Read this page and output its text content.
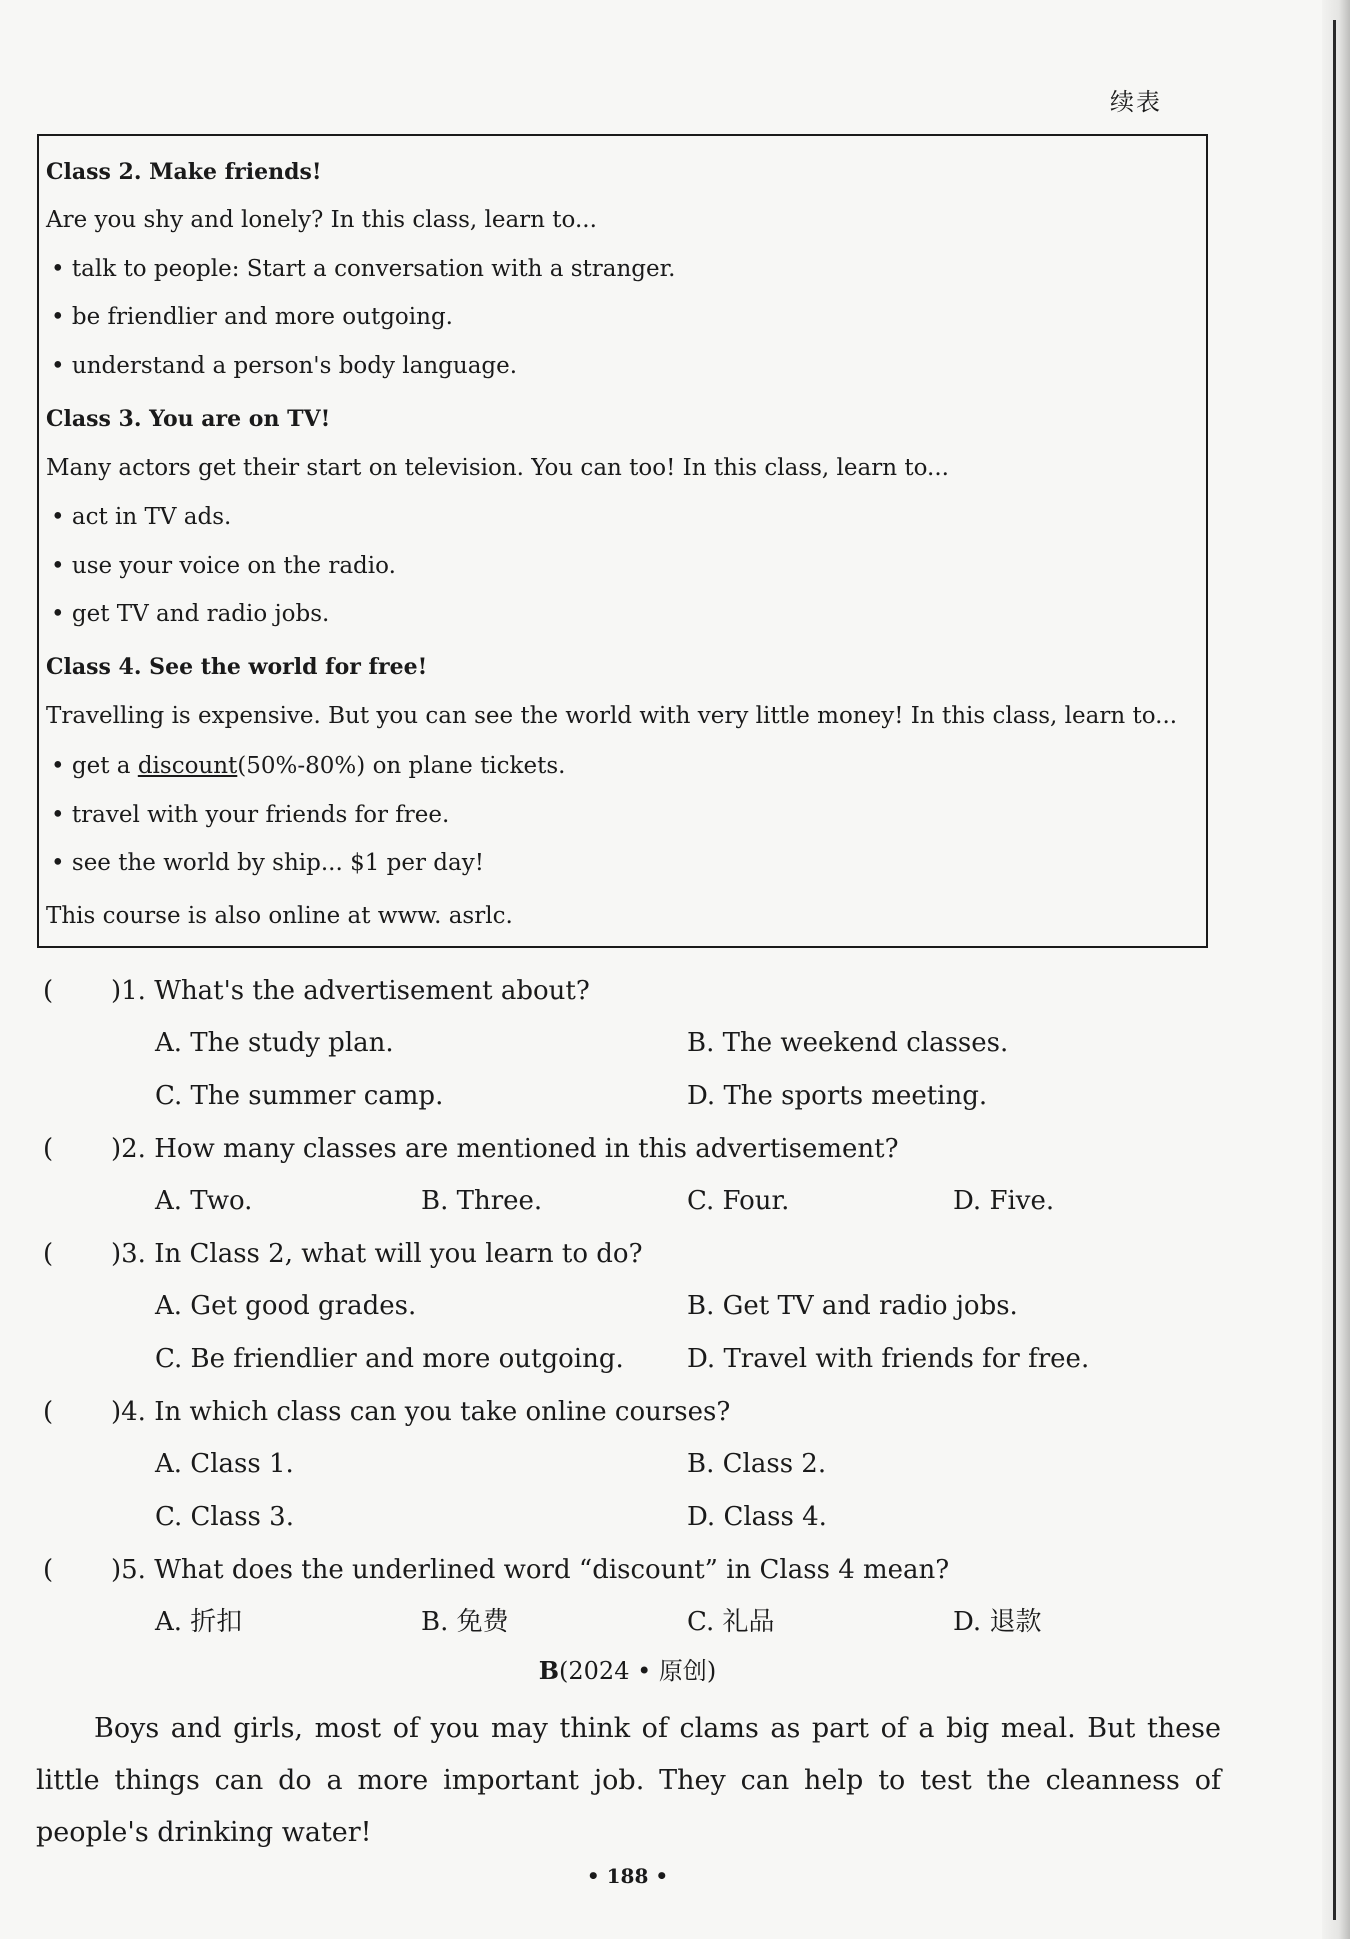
续表
Class 2. Make friends!
Are you shy and lonely? In this class, learn to...
• talk to people: Start a conversation with a stranger.
• be friendlier and more outgoing.
• understand a person's body language.
Class 3. You are on TV!
Many actors get their start on television. You can too! In this class, learn to...
• act in TV ads.
• use your voice on the radio.
• get TV and radio jobs.
Class 4. See the world for free!
Travelling is expensive. But you can see the world with very little money! In this class, learn to...
• get a discount(50%-80%) on plane tickets.
• travel with your friends for free.
• see the world by ship... $1 per day!
This course is also online at www. asrlc.
( )1. What's the advertisement about?
A. The study plan.	B. The weekend classes.
C. The summer camp.	D. The sports meeting.
( )2. How many classes are mentioned in this advertisement?
A. Two.	B. Three.	C. Four.	D. Five.
( )3. In Class 2, what will you learn to do?
A. Get good grades.	B. Get TV and radio jobs.
C. Be friendlier and more outgoing. D. Travel with friends for free.
( )4. In which class can you take online courses?
A. Class 1.	B. Class 2.
C. Class 3.	D. Class 4.
( )5. What does the underlined word “discount” in Class 4 mean?
A. 折扣	B. 免费	C. 礼品	D. 退款
B(2024 • 原创)
Boys and girls, most of you may think of clams as part of a big meal. But these little things can do a more important job. They can help to test the cleanness of people's drinking water!
• 188 •
